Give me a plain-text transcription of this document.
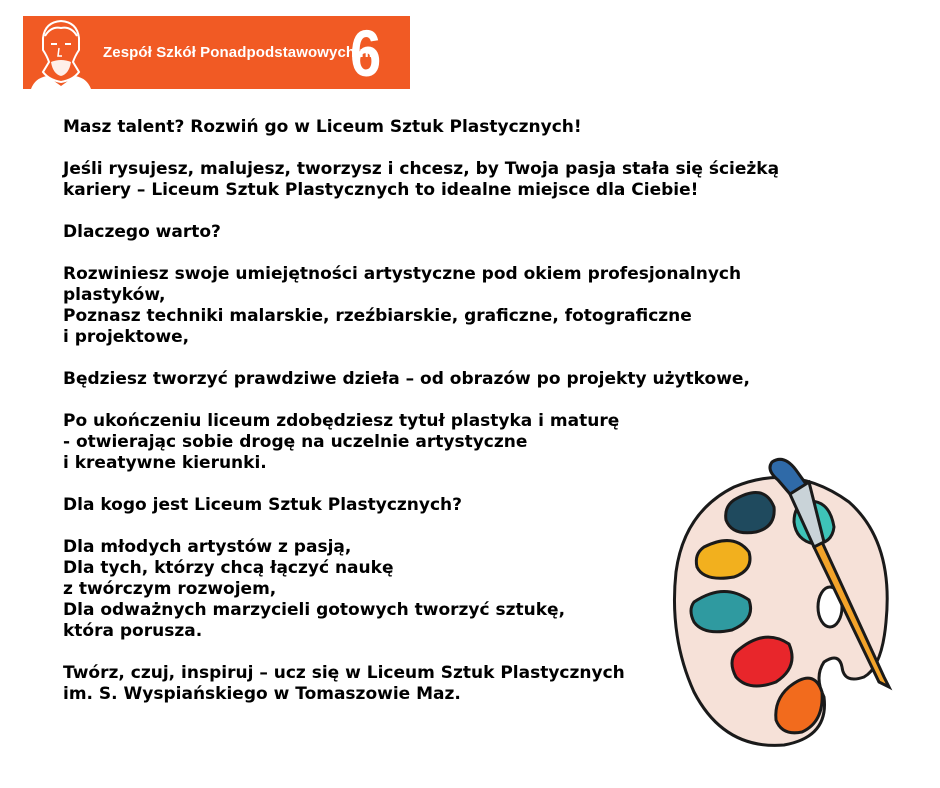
Zespół Szkół Ponadpodstawowych nr
6

Masz talent? Rozwiń go w Liceum Sztuk Plastycznych!

Jeśli rysujesz, malujesz, tworzysz i chcesz, by Twoja pasja stała się ścieżką
kariery – Liceum Sztuk Plastycznych to idealne miejsce dla Ciebie!

Dlaczego warto?

Rozwiniesz swoje umiejętności artystyczne pod okiem profesjonalnych
plastyków,
Poznasz techniki malarskie, rzeźbiarskie, graficzne, fotograficzne
i projektowe,

Będziesz tworzyć prawdziwe dzieła – od obrazów po projekty użytkowe,

Po ukończeniu liceum zdobędziesz tytuł plastyka i maturę
- otwierając sobie drogę na uczelnie artystyczne
i kreatywne kierunki.

Dla kogo jest Liceum Sztuk Plastycznych?

Dla młodych artystów z pasją,
Dla tych, którzy chcą łączyć naukę
z twórczym rozwojem,
Dla odważnych marzycieli gotowych tworzyć sztukę,
która porusza.

Twórz, czuj, inspiruj – ucz się w Liceum Sztuk Plastycznych
im. S. Wyspiańskiego w Tomaszowie Maz.
